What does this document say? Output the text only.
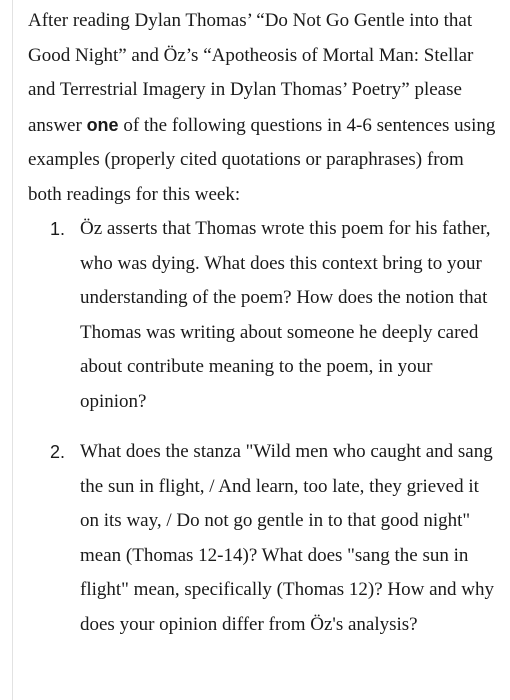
After reading Dylan Thomas’ “Do Not Go Gentle into that Good Night” and Öz’s “Apotheosis of Mortal Man: Stellar and Terrestrial Imagery in Dylan Thomas’ Poetry” please answer one of the following questions in 4-6 sentences using examples (properly cited quotations or paraphrases) from both readings for this week:

1. Öz asserts that Thomas wrote this poem for his father, who was dying. What does this context bring to your understanding of the poem? How does the notion that Thomas was writing about someone he deeply cared about contribute meaning to the poem, in your opinion?
2. What does the stanza "Wild men who caught and sang the sun in flight, / And learn, too late, they grieved it on its way, / Do not go gentle in to that good night" mean (Thomas 12-14)? What does "sang the sun in flight" mean, specifically (Thomas 12)? How and why does your opinion differ from Öz's analysis?
